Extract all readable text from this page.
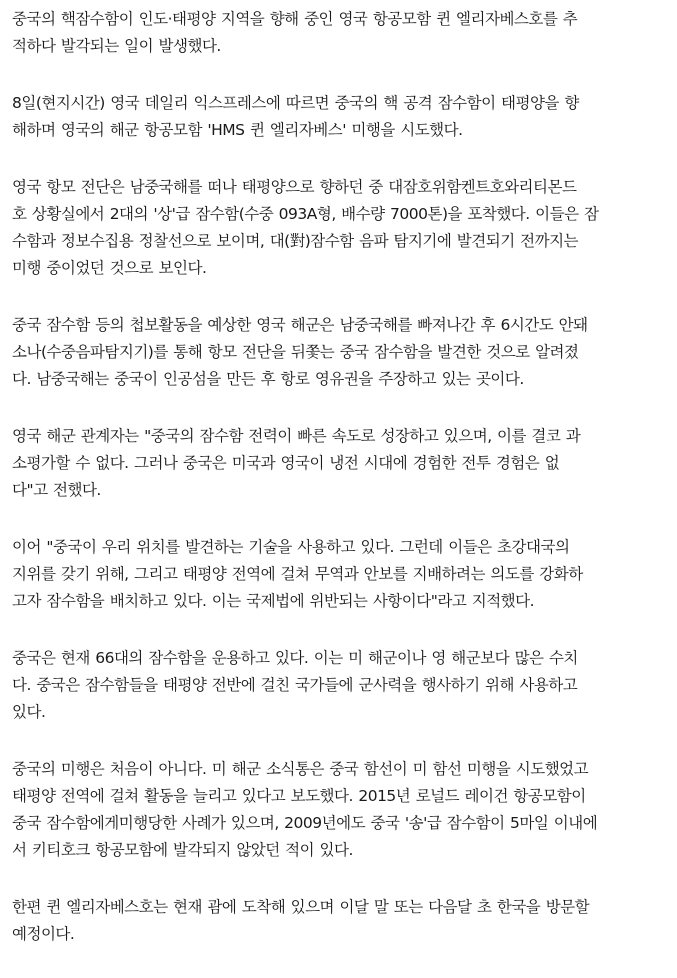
중국의 핵잠수함이 인도·태평양 지역을 향해 중인 영국 항공모함 퀸 엘리자베스호를 추
적하다 발각되는 일이 발생했다.

8일(현지시간) 영국 데일리 익스프레스에 따르면 중국의 핵 공격 잠수함이 태평양을 향
해하며 영국의 해군 항공모함 'HMS 퀸 엘리자베스' 미행을 시도했다.

영국 항모 전단은 남중국해를 떠나 태평양으로 향하던 중 대잠호위함켄트호와리티몬드
호 상황실에서 2대의 '상'급 잠수함(수중 093A형, 배수량 7000톤)을 포착했다. 이들은 잠
수함과 정보수집용 정찰선으로 보이며, 대(對)잠수함 음파 탐지기에 발견되기 전까지는
미행 중이었던 것으로 보인다.

중국 잠수함 등의 첩보활동을 예상한 영국 해군은 남중국해를 빠져나간 후 6시간도 안돼
소나(수중음파탐지기)를 통해 항모 전단을 뒤쫓는 중국 잠수함을 발견한 것으로 알려졌
다. 남중국해는 중국이 인공섬을 만든 후 항로 영유권을 주장하고 있는 곳이다.

영국 해군 관계자는 "중국의 잠수함 전력이 빠른 속도로 성장하고 있으며, 이를 결코 과
소평가할 수 없다. 그러나 중국은 미국과 영국이 냉전 시대에 경험한 전투 경험은 없
다"고 전했다.

이어 "중국이 우리 위치를 발견하는 기술을 사용하고 있다. 그런데 이들은 초강대국의
지위를 갖기 위해, 그리고 태평양 전역에 걸쳐 무역과 안보를 지배하려는 의도를 강화하
고자 잠수함을 배치하고 있다. 이는 국제법에 위반되는 사항이다"라고 지적했다.

중국은 현재 66대의 잠수함을 운용하고 있다. 이는 미 해군이나 영 해군보다 많은 수치
다. 중국은 잠수함들을 태평양 전반에 걸친 국가들에 군사력을 행사하기 위해 사용하고
있다.

중국의 미행은 처음이 아니다. 미 해군 소식통은 중국 함선이 미 함선 미행을 시도했었고
태평양 전역에 걸쳐 활동을 늘리고 있다고 보도했다. 2015년 로널드 레이건 항공모함이
중국 잠수함에게미행당한 사례가 있으며, 2009년에도 중국 '송'급 잠수함이 5마일 이내에
서 키티호크 항공모함에 발각되지 않았던 적이 있다.

한편 퀸 엘리자베스호는 현재 괌에 도착해 있으며 이달 말 또는 다음달 초 한국을 방문할
예정이다.
